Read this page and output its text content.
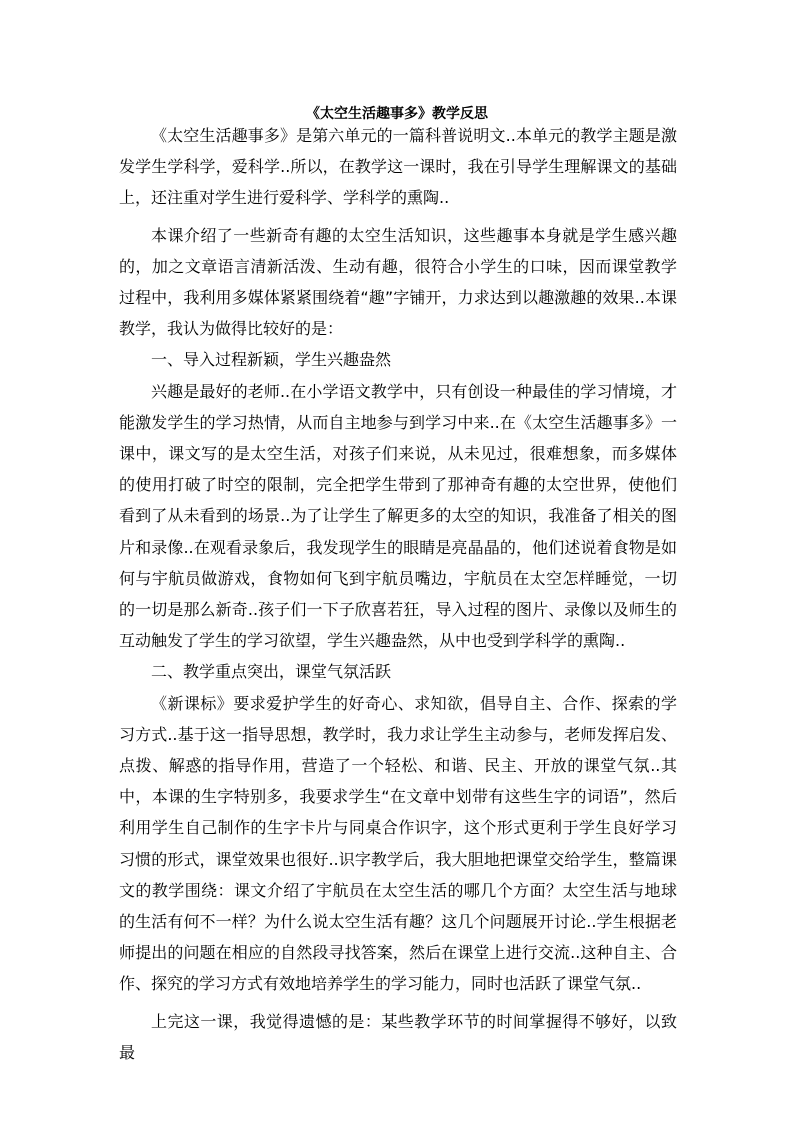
《太空生活趣事多》教学反思

《太空生活趣事多》是第六单元的一篇科普说明文..本单元的教学主题是激发学生学科学，爱科学..所以，在教学这一课时，我在引导学生理解课文的基础上，还注重对学生进行爱科学、学科学的熏陶..

本课介绍了一些新奇有趣的太空生活知识，这些趣事本身就是学生感兴趣的，加之文章语言清新活泼、生动有趣，很符合小学生的口味，因而课堂教学过程中，我利用多媒体紧紧围绕着“趣”字铺开，力求达到以趣激趣的效果..本课教学，我认为做得比较好的是：

一、导入过程新颖，学生兴趣盎然

兴趣是最好的老师..在小学语文教学中，只有创设一种最佳的学习情境，才能激发学生的学习热情，从而自主地参与到学习中来..在《太空生活趣事多》一课中，课文写的是太空生活，对孩子们来说，从未见过，很难想象，而多媒体的使用打破了时空的限制，完全把学生带到了那神奇有趣的太空世界，使他们看到了从未看到的场景..为了让学生了解更多的太空的知识，我准备了相关的图片和录像..在观看录象后，我发现学生的眼睛是亮晶晶的，他们述说着食物是如何与宇航员做游戏，食物如何飞到宇航员嘴边，宇航员在太空怎样睡觉，一切的一切是那么新奇..孩子们一下子欣喜若狂，导入过程的图片、录像以及师生的互动触发了学生的学习欲望，学生兴趣盎然，从中也受到学科学的熏陶..

二、教学重点突出，课堂气氛活跃

《新课标》要求爱护学生的好奇心、求知欲，倡导自主、合作、探索的学习方式..基于这一指导思想，教学时，我力求让学生主动参与，老师发挥启发、点拨、解惑的指导作用，营造了一个轻松、和谐、民主、开放的课堂气氛..其中，本课的生字特别多，我要求学生“在文章中划带有这些生字的词语”，然后利用学生自己制作的生字卡片与同桌合作识字，这个形式更利于学生良好学习习惯的形式，课堂效果也很好..识字教学后，我大胆地把课堂交给学生，整篇课文的教学围绕：课文介绍了宇航员在太空生活的哪几个方面？太空生活与地球的生活有何不一样？为什么说太空生活有趣？这几个问题展开讨论..学生根据老师提出的问题在相应的自然段寻找答案，然后在课堂上进行交流..这种自主、合作、探究的学习方式有效地培养学生的学习能力，同时也活跃了课堂气氛..

上完这一课，我觉得遗憾的是：某些教学环节的时间掌握得不够好，以致最
